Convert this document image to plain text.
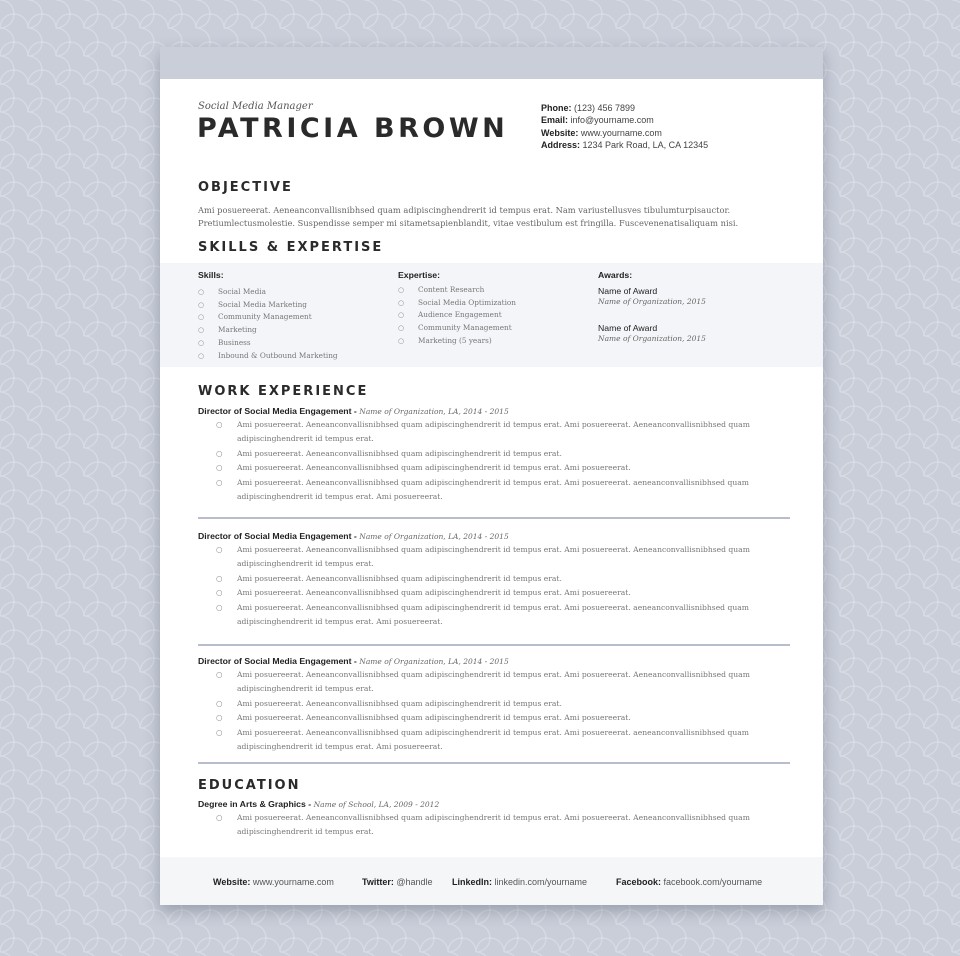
Social Media Manager
PATRICIA BROWN
Phone: (123) 456 7899
Email: info@yourname.com
Website: www.yourname.com
Address: 1234 Park Road, LA, CA 12345
OBJECTIVE
Ami posuereerat. Aeneanconvallisnibhsed quam adipiscinghendrerit id tempus erat. Nam variustellusves tibulumturpisauctor. Pretiumlectusmolestie. Suspendisse semper mi sitametsapienblandit, vitae vestibulum est fringilla. Fuscevenenatisaliquam nisi.
SKILLS & EXPERTISE
Skills:
○ Social Media
○ Social Media Marketing
○ Community Management
○ Marketing
○ Business
○ Inbound & Outbound Marketing
Expertise:
○ Content Research
○ Social Media Optimization
○ Audience Engagement
○ Community Management
○ Marketing (5 years)
Awards:
Name of Award
Name of Organization, 2015
Name of Award
Name of Organization, 2015
WORK EXPERIENCE
Director of Social Media Engagement - Name of Organization, LA, 2014 - 2015
○ Ami posuereerat. Aeneanconvallisnibhsed quam adipiscinghendrerit id tempus erat. Ami posuereerat. Aeneanconvallisnibhsed quam adipiscinghendrerit id tempus erat.
○ Ami posuereerat. Aeneanconvallisnibhsed quam adipiscinghendrerit id tempus erat.
○ Ami posuereerat. Aeneanconvallisnibhsed quam adipiscinghendrerit id tempus erat. Ami posuereerat.
○ Ami posuereerat. Aeneanconvallisnibhsed quam adipiscinghendrerit id tempus erat. Ami posuereerat. aeneanconvallisnibhsed quam adipiscinghendrerit id tempus erat. Ami posuereerat.
Director of Social Media Engagement - Name of Organization, LA, 2014 - 2015
○ Ami posuereerat. Aeneanconvallisnibhsed quam adipiscinghendrerit id tempus erat. Ami posuereerat. Aeneanconvallisnibhsed quam adipiscinghendrerit id tempus erat.
○ Ami posuereerat. Aeneanconvallisnibhsed quam adipiscinghendrerit id tempus erat.
○ Ami posuereerat. Aeneanconvallisnibhsed quam adipiscinghendrerit id tempus erat. Ami posuereerat.
○ Ami posuereerat. Aeneanconvallisnibhsed quam adipiscinghendrerit id tempus erat. Ami posuereerat. aeneanconvallisnibhsed quam adipiscinghendrerit id tempus erat. Ami posuereerat.
Director of Social Media Engagement - Name of Organization, LA, 2014 - 2015
○ Ami posuereerat. Aeneanconvallisnibhsed quam adipiscinghendrerit id tempus erat. Ami posuereerat. Aeneanconvallisnibhsed quam adipiscinghendrerit id tempus erat.
○ Ami posuereerat. Aeneanconvallisnibhsed quam adipiscinghendrerit id tempus erat.
○ Ami posuereerat. Aeneanconvallisnibhsed quam adipiscinghendrerit id tempus erat. Ami posuereerat.
○ Ami posuereerat. Aeneanconvallisnibhsed quam adipiscinghendrerit id tempus erat. Ami posuereerat. aeneanconvallisnibhsed quam adipiscinghendrerit id tempus erat. Ami posuereerat.
EDUCATION
Degree in Arts & Graphics - Name of School, LA, 2009 - 2012
○ Ami posuereerat. Aeneanconvallisnibhsed quam adipiscinghendrerit id tempus erat. Ami posuereerat. Aeneanconvallisnibhsed quam adipiscinghendrerit id tempus erat.
Website: www.yourname.com	Twitter: @handle LinkedIn: linkedin.com/yourname	Facebook: facebook.com/yourname
